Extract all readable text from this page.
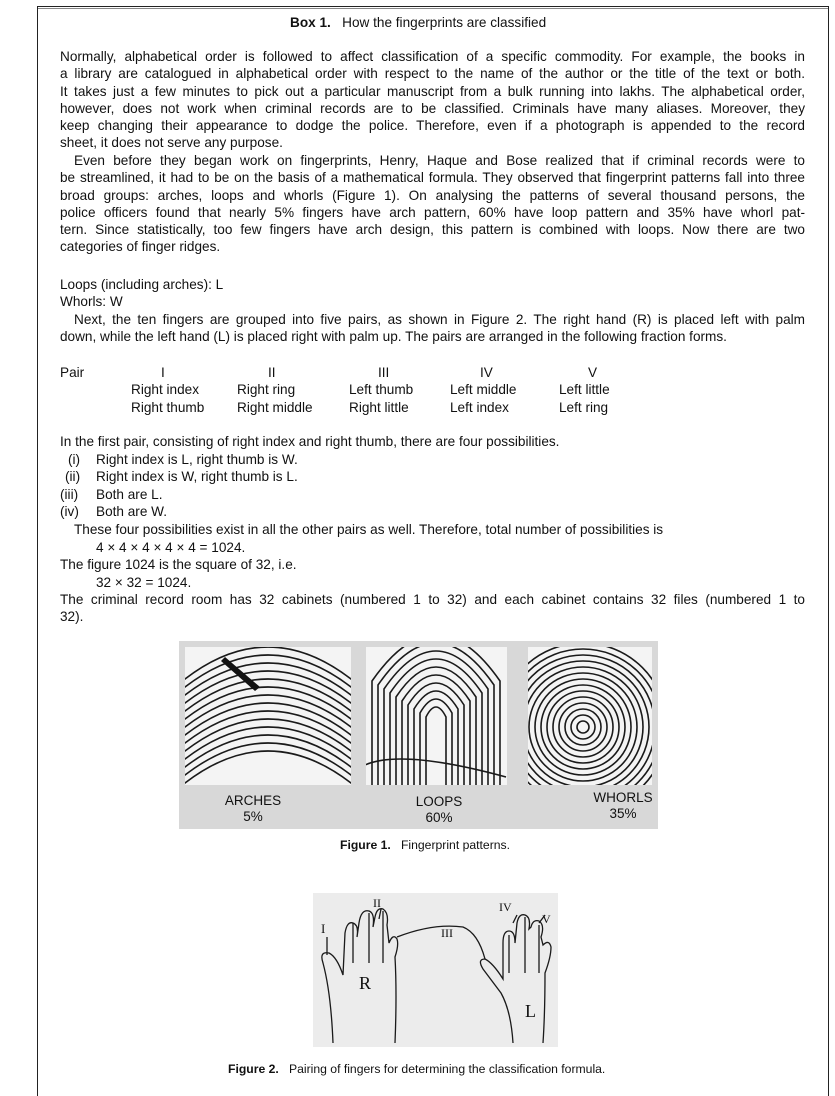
Box 1. How the fingerprints are classified
Normally, alphabetical order is followed to affect classification of a specific commodity. For example, the books in
a library are catalogued in alphabetical order with respect to the name of the author or the title of the text or both.
It takes just a few minutes to pick out a particular manuscript from a bulk running into lakhs. The alphabetical order,
however, does not work when criminal records are to be classified. Criminals have many aliases. Moreover, they
keep changing their appearance to dodge the police. Therefore, even if a photograph is appended to the record
sheet, it does not serve any purpose.
Even before they began work on fingerprints, Henry, Haque and Bose realized that if criminal records were to
be streamlined, it had to be on the basis of a mathematical formula. They observed that fingerprint patterns fall into three
broad groups: arches, loops and whorls (Figure 1). On analysing the patterns of several thousand persons, the
police officers found that nearly 5% fingers have arch pattern, 60% have loop pattern and 35% have whorl pat-
tern. Since statistically, too few fingers have arch design, this pattern is combined with loops. Now there are two
categories of finger ridges.
Loops (including arches): L
Whorls: W
Next, the ten fingers are grouped into five pairs, as shown in Figure 2. The right hand (R) is placed left with palm
down, while the left hand (L) is placed right with palm up. The pairs are arranged in the following fraction forms.
Pair	I
Right index
Right thumb
II
Right ring
Right middle
III
Left thumb
Right little
IV
Left middle
Left index
V
Left little
Left ring
In the first pair, consisting of right index and right thumb, there are four possibilities.
(i) Right index is L, right thumb is W.
(ii) Right index is W, right thumb is L.
(iii) Both are L.
(iv) Both are W.
These four possibilities exist in all the other pairs as well. Therefore, total number of possibilities is
4 × 4 × 4 × 4 × 4 = 1024.
The figure 1024 is the square of 32, i.e.
32 × 32 = 1024.
The criminal record room has 32 cabinets (numbered 1 to 32) and each cabinet contains 32 files (numbered 1 to
32).
ARCHES
5%
LOOPS
60%
WHORLS
35%
Figure 1. Fingerprint patterns.
I
II
III
IV
V
R
L
Figure 2. Pairing of fingers for determining the classification formula.
